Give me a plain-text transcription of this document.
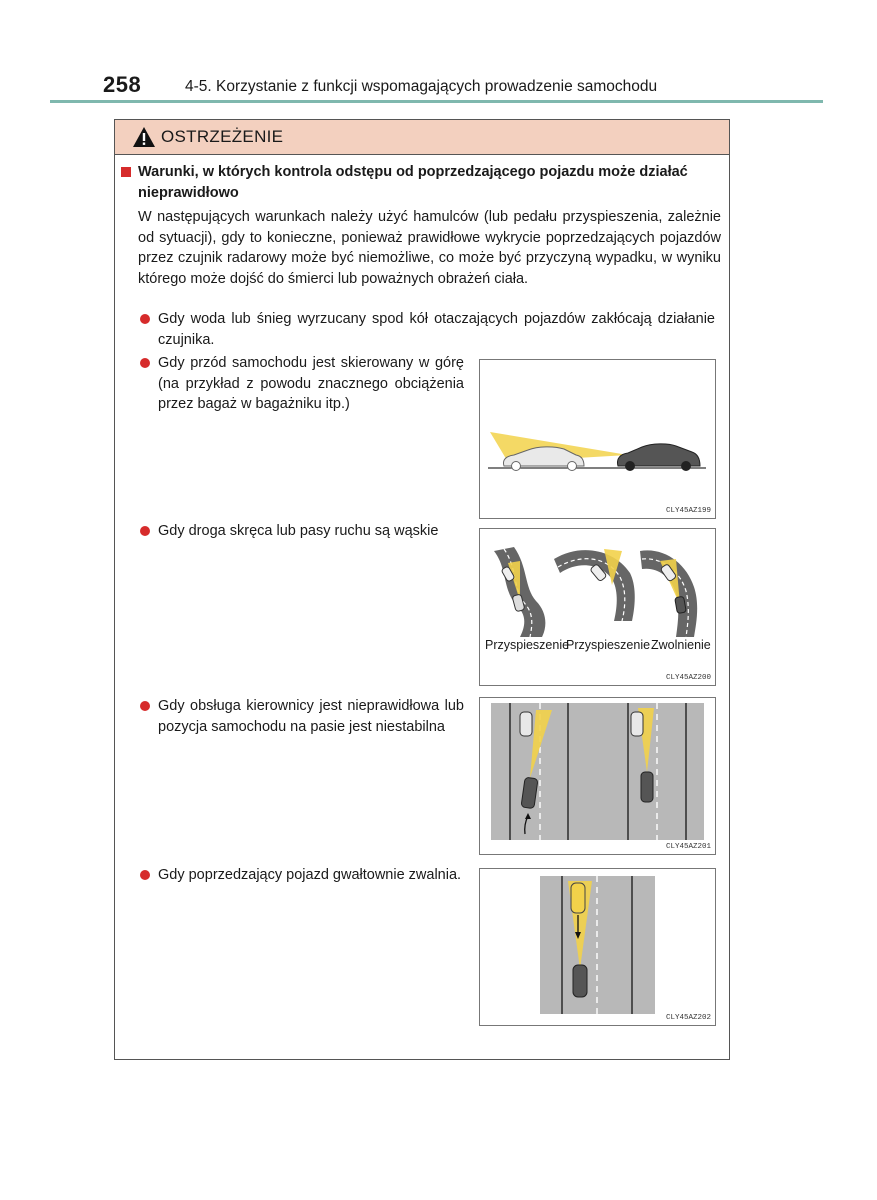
258	4-5. Korzystanie z funkcji wspomagających prowadzenie samochodu
OSTRZEŻENIE
Warunki, w których kontrola odstępu od poprzedzającego pojazdu może działać nieprawidłowo
W następujących warunkach należy użyć hamulców (lub pedału przyspieszenia, zależnie od sytuacji), gdy to konieczne, ponieważ prawidłowe wykrycie poprzedzających pojazdów przez czujnik radarowy może być niemożliwe, co może być przyczyną wypadku, w wyniku którego może dojść do śmierci lub poważnych obrażeń ciała.
Gdy woda lub śnieg wyrzucany spod kół otaczających pojazdów zakłócają działanie czujnika.
Gdy przód samochodu jest skierowany w górę (na przykład z powodu znacznego obciążenia przez bagaż w bagażniku itp.)
CLY45AZ199
Gdy droga skręca lub pasy ruchu są wąskie
Przyspieszenie
Przyspieszenie Zwolnienie
CLY45AZ200
Gdy obsługa kierownicy jest nieprawidłowa lub pozycja samochodu na pasie jest niestabilna
CLY45AZ201
Gdy poprzedzający pojazd gwałtownie zwalnia.
CLY45AZ202
